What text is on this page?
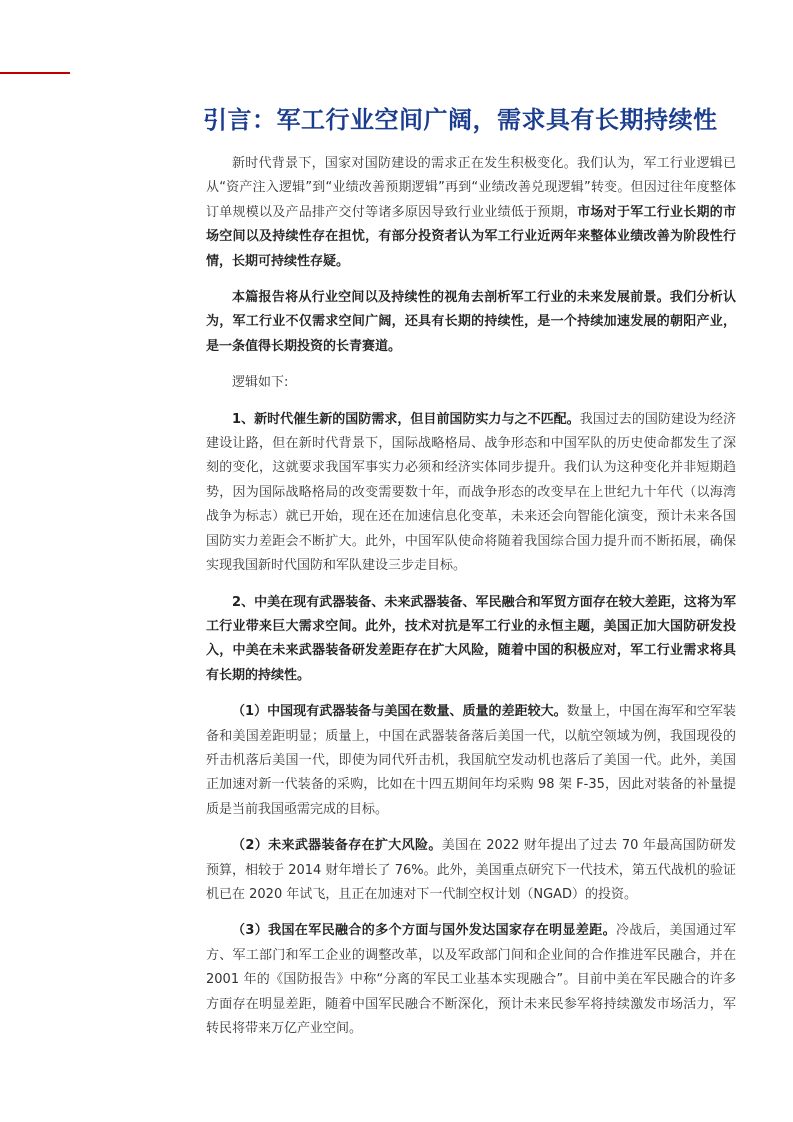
引言：军工行业空间广阔，需求具有长期持续性

新时代背景下，国家对国防建设的需求正在发生积极变化。我们认为，军工行业逻辑已从“资产注入逻辑”到“业绩改善预期逻辑”再到“业绩改善兑现逻辑”转变。但因过往年度整体订单规模以及产品排产交付等诸多原因导致行业业绩低于预期，市场对于军工行业长期的市场空间以及持续性存在担忧，有部分投资者认为军工行业近两年来整体业绩改善为阶段性行情，长期可持续性存疑。

本篇报告将从行业空间以及持续性的视角去剖析军工行业的未来发展前景。我们分析认为，军工行业不仅需求空间广阔，还具有长期的持续性，是一个持续加速发展的朝阳产业，是一条值得长期投资的长青赛道。

逻辑如下:

1、新时代催生新的国防需求，但目前国防实力与之不匹配。我国过去的国防建设为经济建设让路，但在新时代背景下，国际战略格局、战争形态和中国军队的历史使命都发生了深刻的变化，这就要求我国军事实力必须和经济实体同步提升。我们认为这种变化并非短期趋势，因为国际战略格局的改变需要数十年，而战争形态的改变早在上世纪九十年代（以海湾战争为标志）就已开始，现在还在加速信息化变革，未来还会向智能化演变，预计未来各国国防实力差距会不断扩大。此外，中国军队使命将随着我国综合国力提升而不断拓展，确保实现我国新时代国防和军队建设三步走目标。

2、中美在现有武器装备、未来武器装备、军民融合和军贸方面存在较大差距，这将为军工行业带来巨大需求空间。此外，技术对抗是军工行业的永恒主题，美国正加大国防研发投入，中美在未来武器装备研发差距存在扩大风险，随着中国的积极应对，军工行业需求将具有长期的持续性。

（1）中国现有武器装备与美国在数量、质量的差距较大。数量上，中国在海军和空军装备和美国差距明显；质量上，中国在武器装备落后美国一代，以航空领域为例，我国现役的歼击机落后美国一代，即使为同代歼击机，我国航空发动机也落后了美国一代。此外，美国正加速对新一代装备的采购，比如在十四五期间年均采购 98 架 F-35，因此对装备的补量提质是当前我国亟需完成的目标。

（2）未来武器装备存在扩大风险。美国在 2022 财年提出了过去 70 年最高国防研发预算，相较于 2014 财年增长了 76%。此外，美国重点研究下一代技术，第五代战机的验证机已在 2020 年试飞，且正在加速对下一代制空权计划（NGAD）的投资。

（3）我国在军民融合的多个方面与国外发达国家存在明显差距。冷战后，美国通过军方、军工部门和军工企业的调整改革，以及军政部门间和企业间的合作推进军民融合，并在 2001 年的《国防报告》中称“分离的军民工业基本实现融合”。目前中美在军民融合的许多方面存在明显差距，随着中国军民融合不断深化，预计未来民参军将持续激发市场活力，军转民将带来万亿产业空间。
